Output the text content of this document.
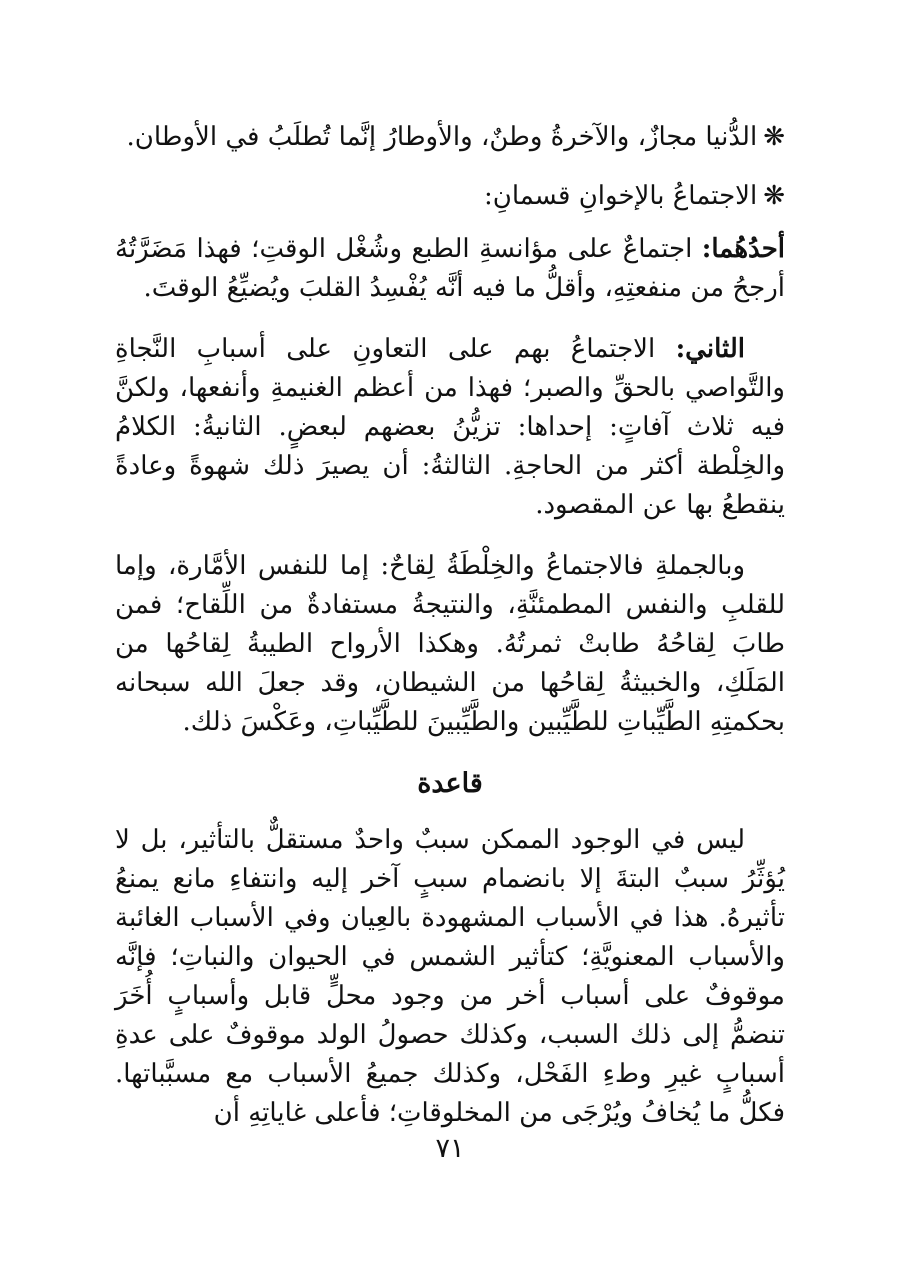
❋الدُّنيا مجازٌ، والآخرةُ وطنٌ، والأوطارُ إنَّما تُطلَبُ في الأوطان.

❋الاجتماعُ بالإخوانِ قسمانِ:

أحدُهُما: اجتماعٌ على مؤانسةِ الطبع وشُغْل الوقتِ؛ فهذا مَضَرَّتُهُ أرجحُ من منفعتِهِ، وأقلُّ ما فيه أنَّه يُفْسِدُ القلبَ ويُضيِّعُ الوقتَ.

الثاني: الاجتماعُ بهم على التعاونِ على أسبابِ النَّجاةِ والتَّواصي بالحقِّ والصبر؛ فهذا من أعظم الغنيمةِ وأنفعها، ولكنَّ فيه ثلاث آفاتٍ: إحداها: تزيُّنُ بعضهم لبعضٍ. الثانيةُ: الكلامُ والخِلْطة أكثر من الحاجةِ. الثالثةُ: أن يصيرَ ذلك شهوةً وعادةً ينقطعُ بها عن المقصود.

وبالجملةِ فالاجتماعُ والخِلْطَةُ لِقاحٌ: إما للنفس الأمَّارة، وإما للقلبِ والنفس المطمئنَّةِ، والنتيجةُ مستفادةٌ من اللِّقاح؛ فمن طابَ لِقاحُهُ طابتْ ثمرتُهُ. وهكذا الأرواح الطيبةُ لِقاحُها من المَلَكِ، والخبيثةُ لِقاحُها من الشيطان، وقد جعلَ الله سبحانه بحكمتِهِ الطَّيِّباتِ للطَّيِّبين والطَّيِّبينَ للطَّيِّباتِ، وعَكْسَ ذلك.

قاعدة

ليس في الوجود الممكن سببٌ واحدٌ مستقلٌّ بالتأثير، بل لا يُؤثِّرُ سببٌ البتةَ إلا بانضمام سببٍ آخر إليه وانتفاءِ مانع يمنعُ تأثيرهُ. هذا في الأسباب المشهودة بالعِيان وفي الأسباب الغائبة والأسباب المعنويَّةِ؛ كتأثير الشمس في الحيوان والنباتِ؛ فإنَّه موقوفٌ على أسباب أخر من وجود محلٍّ قابل وأسبابٍ أُخَرَ تنضمُّ إلى ذلك السبب، وكذلك حصولُ الولد موقوفٌ على عدةِ أسبابٍ غيرِ وطءِ الفَحْل، وكذلك جميعُ الأسباب مع مسبَّباتها. فكلُّ ما يُخافُ ويُرْجَى من المخلوقاتِ؛ فأعلى غاياتِهِ أن

٧١
